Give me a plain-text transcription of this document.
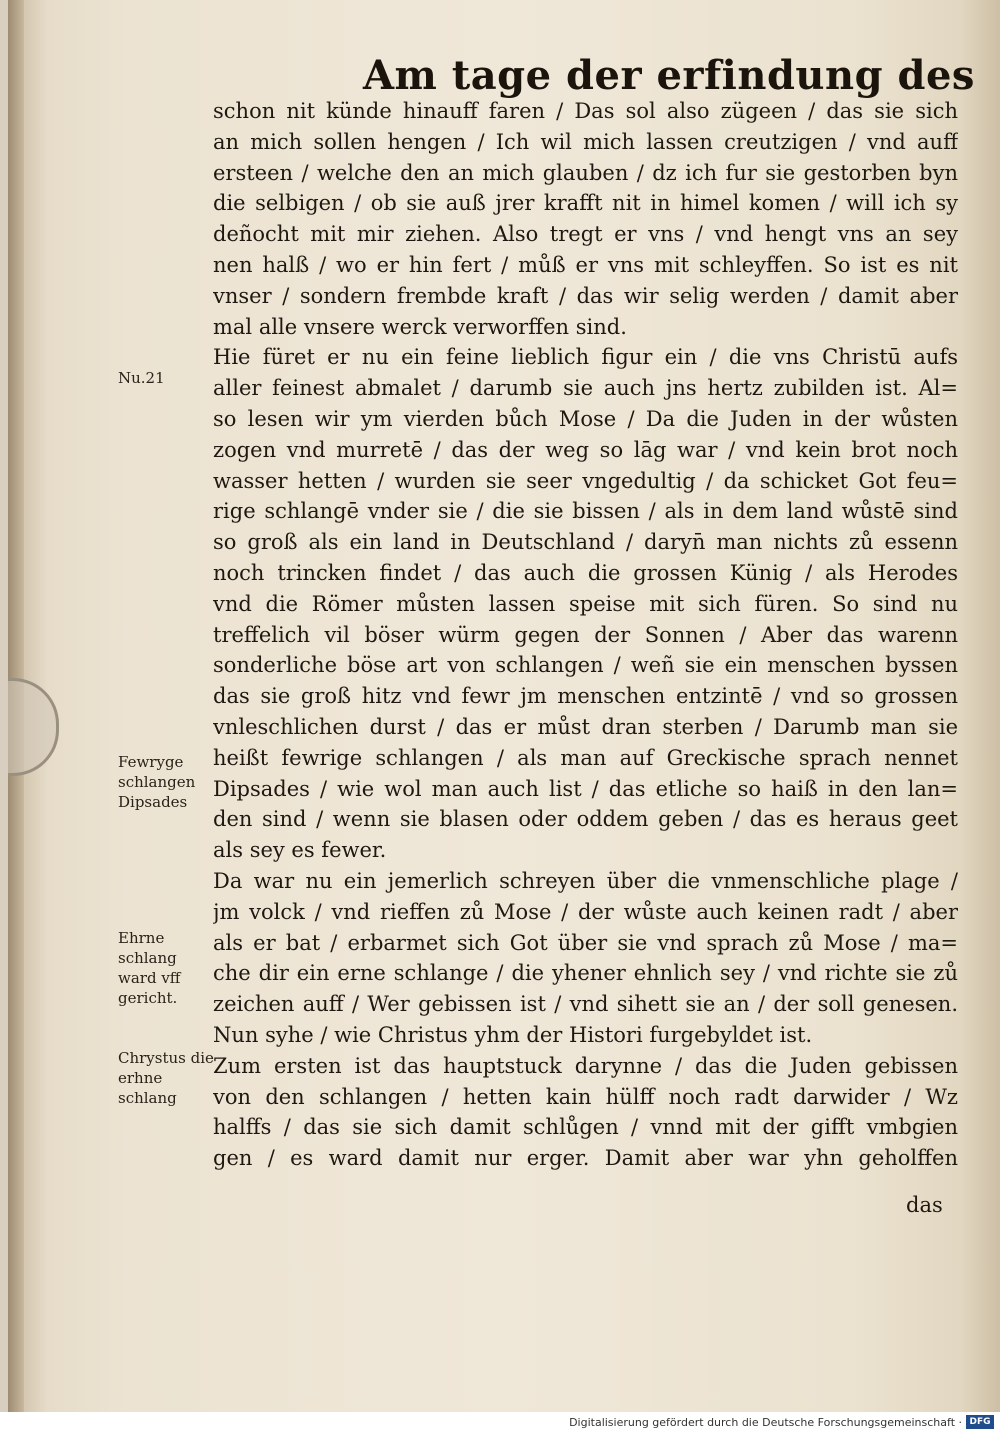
Am tage der erfindung des
schon nit künde hinauff faren / Das sol also zügeen / das sie sich
an mich sollen hengen / Ich wil mich lassen creutzigen / vnd auff
ersteen / welche den an mich glauben / dz ich fur sie gestorben byn
die selbigen / ob sie auß jrer krafft nit in himel komen / will ich sy
deñocht mit mir ziehen. Also tregt er vns / vnd hengt vns an sey
nen halß / wo er hin fert / můß er vns mit schleyffen. So ist es nit
vnser / sondern frembde kraft / das wir selig werden / damit aber
mal alle vnsere werck verworffen sind.
Hie füret er nu ein feine lieblich figur ein / die vns Christū aufs
aller feinest abmalet / darumb sie auch jns hertz zubilden ist. Al=
so lesen wir ym vierden bůch Mose / Da die Juden in der wůsten
zogen vnd murretē / das der weg so lāg war / vnd kein brot noch
wasser hetten / wurden sie seer vngedultig / da schicket Got feu=
rige schlangē vnder sie / die sie bissen / als in dem land wůstē sind
so groß als ein land in Deutschland / daryn̄ man nichts zů essenn
noch trincken findet / das auch die grossen Künig / als Herodes
vnd die Römer můsten lassen speise mit sich füren. So sind nu
treffelich vil böser würm gegen der Sonnen / Aber das warenn
sonderliche böse art von schlangen / weñ sie ein menschen byssen
das sie groß hitz vnd fewr jm menschen entzintē / vnd so grossen
vnleschlichen durst / das er můst dran sterben / Darumb man sie
heißt fewrige schlangen / als man auf Greckische sprach nennet
Dipsades / wie wol man auch list / das etliche so haiß in den lan=
den sind / wenn sie blasen oder oddem geben / das es heraus geet
als sey es fewer.
Da war nu ein jemerlich schreyen über die vnmenschliche plage /
jm volck / vnd rieffen zů Mose / der wůste auch keinen radt / aber
als er bat / erbarmet sich Got über sie vnd sprach zů Mose / ma=
che dir ein erne schlange / die yhener ehnlich sey / vnd richte sie zů
zeichen auff / Wer gebissen ist / vnd sihett sie an / der soll genesen.
Nun syhe / wie Christus yhm der Histori furgebyldet ist.
Zum ersten ist das hauptstuck darynne / das die Juden gebissen
von den schlangen / hetten kain hülff noch radt darwider / Wz
halffs / das sie sich damit schlůgen / vnnd mit der gifft vmbgien
gen / es ward damit nur erger. Damit aber war yhn geholffen
das
Nu.21
Fewryge schlangen Dipsades
Ehrne schlang ward vff gericht.
Chrystus die erhne schlang
Digitalisierung gefördert durch die Deutsche Forschungsgemeinschaft · DFG
